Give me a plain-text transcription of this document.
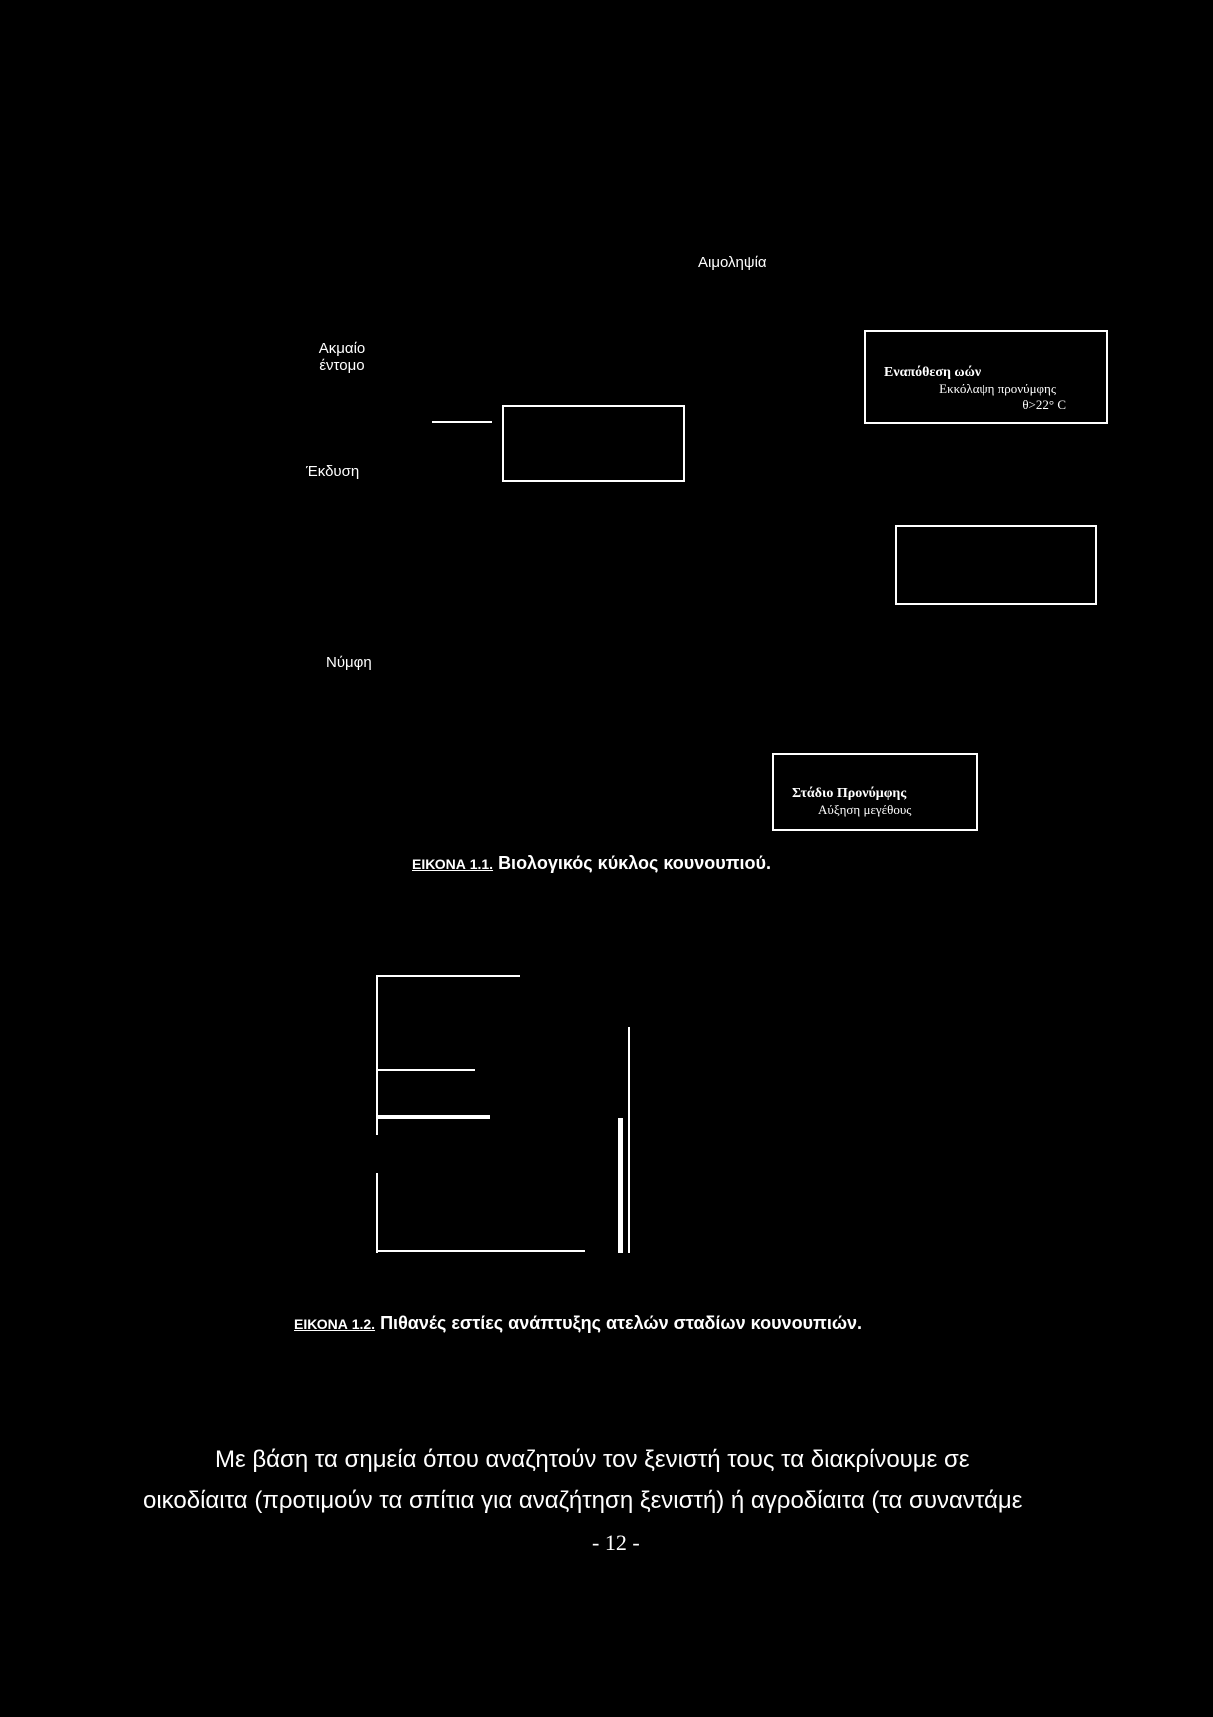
Αιμοληψία
Ακμαίο
έντομο	Εναπόθεση ωών
Εκκόλαψη προνύμφης
θ>22° C
Έκδυση
Νύμφη
Στάδιο Προνύμφης
Αύξηση μεγέθους
ΕΙΚΟΝΑ 1.1. Βιολογικός κύκλος κουνουπιού.
ΕΙΚΟΝΑ 1.2. Πιθανές εστίες ανάπτυξης ατελών σταδίων κουνουπιών.
Με βάση τα σημεία όπου αναζητούν τον ξενιστή τους τα διακρίνουμε σε
οικοδίαιτα (προτιμούν τα σπίτια για αναζήτηση ξενιστή) ή αγροδίαιτα (τα συναντάμε
- 12 -
